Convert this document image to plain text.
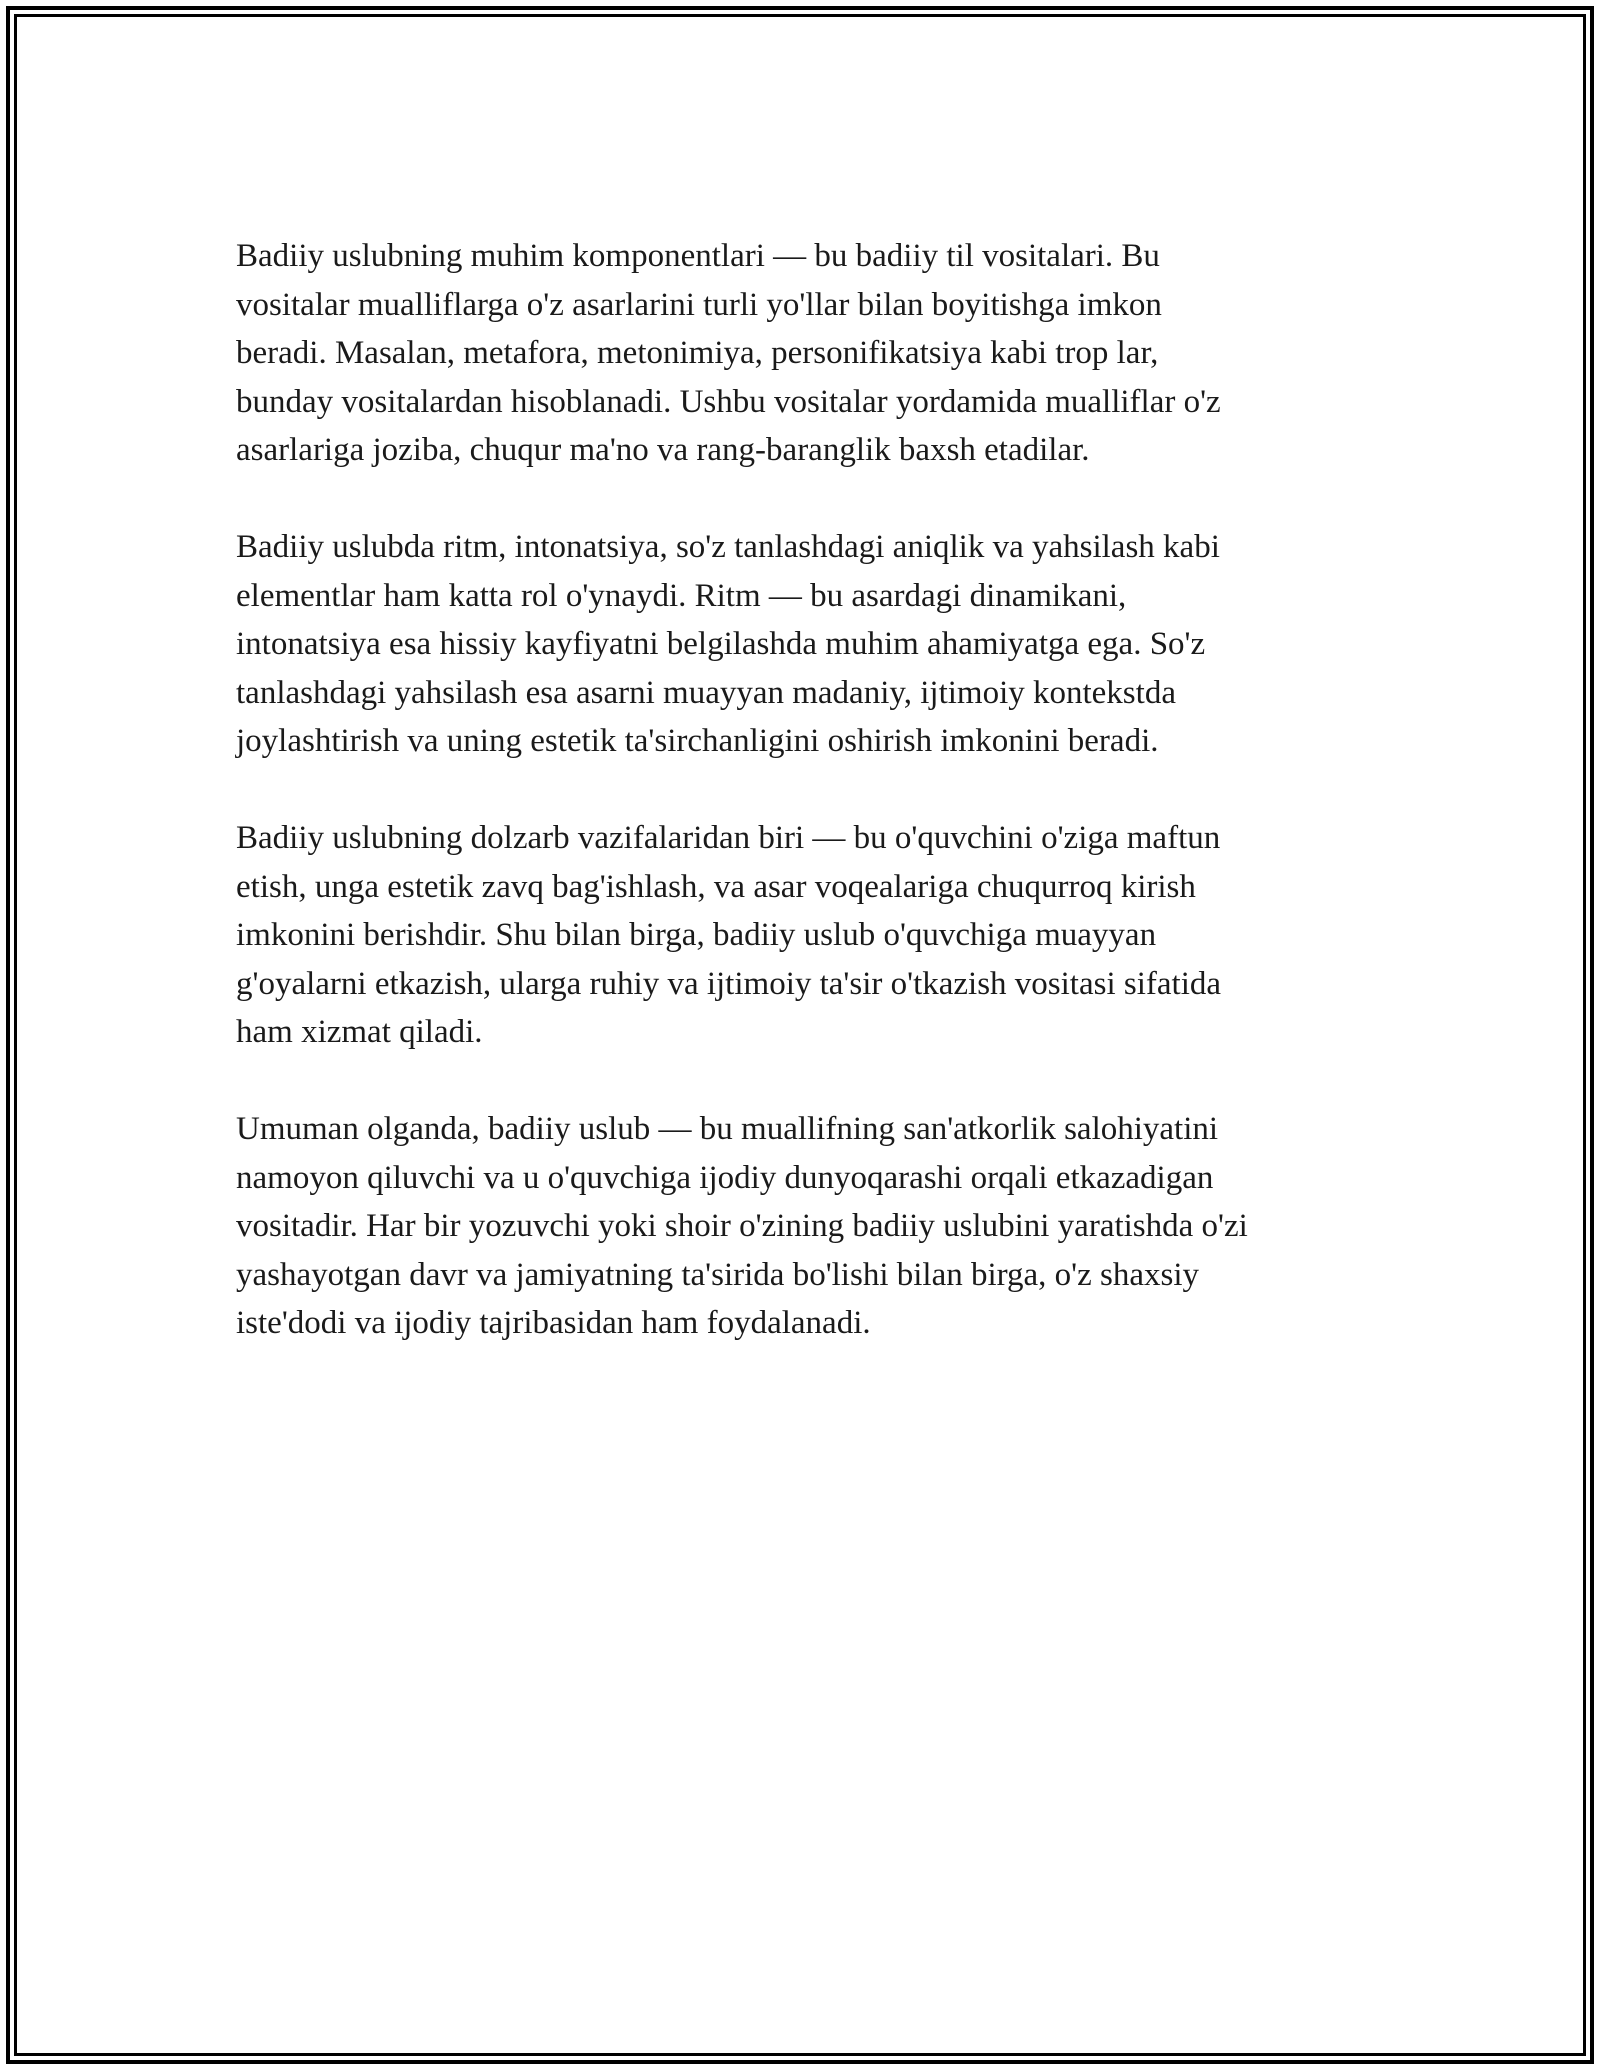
Badiiy uslubning muhim komponentlari — bu badiiy til vositalari. Bu
vositalar mualliflarga o'z asarlarini turli yo'llar bilan boyitishga imkon
beradi. Masalan, metafora, metonimiya, personifikatsiya kabi trop lar,
bunday vositalardan hisoblanadi. Ushbu vositalar yordamida mualliflar o'z
asarlariga joziba, chuqur ma'no va rang-baranglik baxsh etadilar.

Badiiy uslubda ritm, intonatsiya, so'z tanlashdagi aniqlik va yahsilash kabi
elementlar ham katta rol o'ynaydi. Ritm — bu asardagi dinamikani,
intonatsiya esa hissiy kayfiyatni belgilashda muhim ahamiyatga ega. So'z
tanlashdagi yahsilash esa asarni muayyan madaniy, ijtimoiy kontekstda
joylashtirish va uning estetik ta'sirchanligini oshirish imkonini beradi.

Badiiy uslubning dolzarb vazifalaridan biri — bu o'quvchini o'ziga maftun
etish, unga estetik zavq bag'ishlash, va asar voqealariga chuqurroq kirish
imkonini berishdir. Shu bilan birga, badiiy uslub o'quvchiga muayyan
g'oyalarni etkazish, ularga ruhiy va ijtimoiy ta'sir o'tkazish vositasi sifatida
ham xizmat qiladi.

Umuman olganda, badiiy uslub — bu muallifning san'atkorlik salohiyatini
namoyon qiluvchi va u o'quvchiga ijodiy dunyoqarashi orqali etkazadigan
vositadir. Har bir yozuvchi yoki shoir o'zining badiiy uslubini yaratishda o'zi
yashayotgan davr va jamiyatning ta'sirida bo'lishi bilan birga, o'z shaxsiy
iste'dodi va ijodiy tajribasidan ham foydalanadi.
